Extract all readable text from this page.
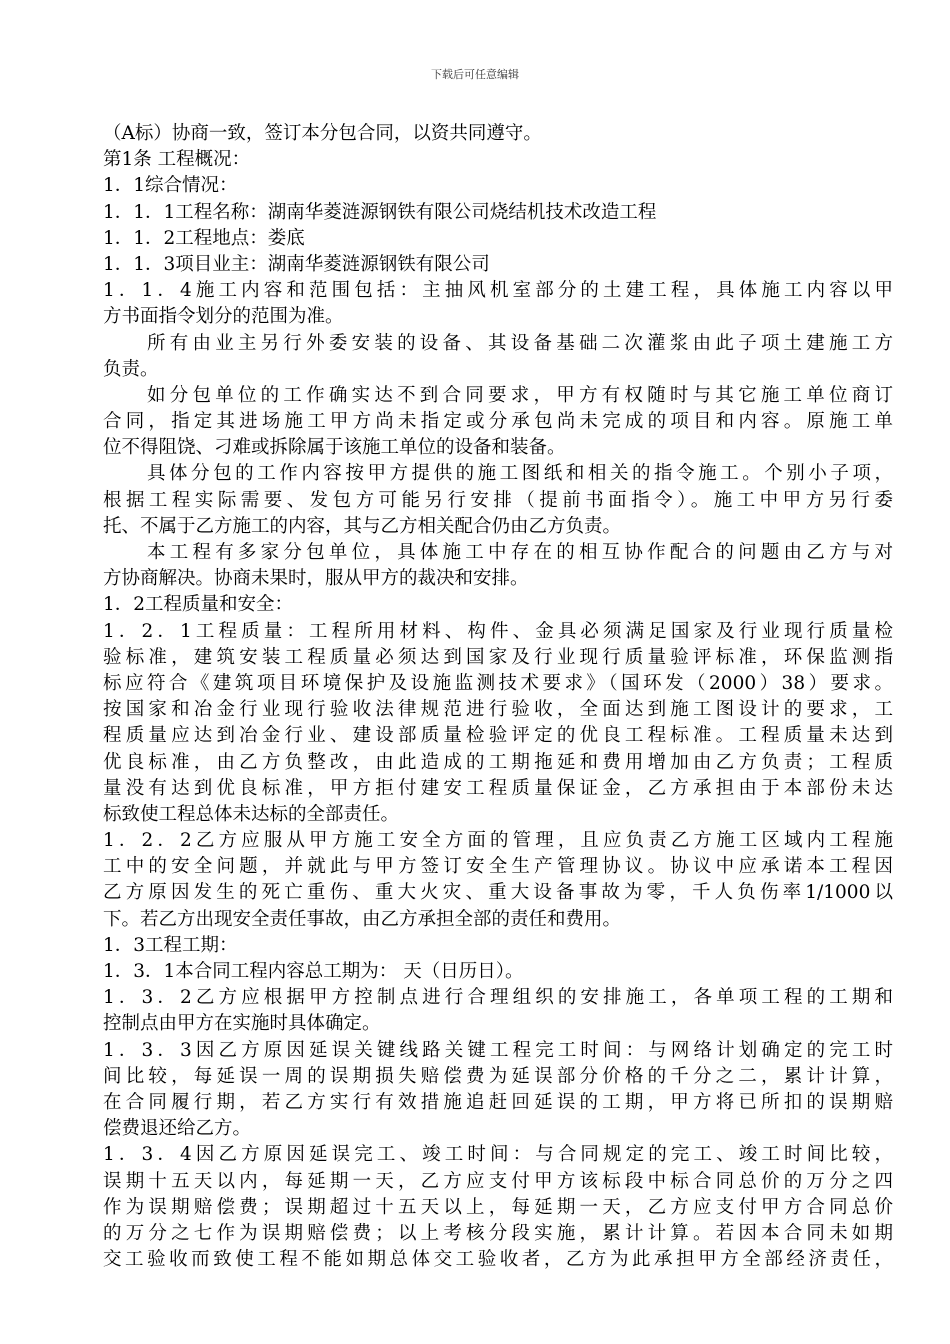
下载后可任意编辑
（A标）协商一致，签订本分包合同，以资共同遵守。
第1条 工程概况：
1．1综合情况：
1．1．1工程名称：湖南华菱涟源钢铁有限公司烧结机技术改造工程
1．1．2工程地点：娄底
1．1．3项目业主：湖南华菱涟源钢铁有限公司
1．1．4施工内容和范围包括：主抽风机室部分的土建工程，具体施工内容以甲
方书面指令划分的范围为准。
所有由业主另行外委安装的设备、其设备基础二次灌浆由此子项土建施工方
负责。
如分包单位的工作确实达不到合同要求，甲方有权随时与其它施工单位商订
合同，指定其进场施工甲方尚未指定或分承包尚未完成的项目和内容。原施工单
位不得阻饶、刁难或拆除属于该施工单位的设备和装备。
具体分包的工作内容按甲方提供的施工图纸和相关的指令施工。个别小子项，
根据工程实际需要、发包方可能另行安排（提前书面指令）。施工中甲方另行委
托、不属于乙方施工的内容，其与乙方相关配合仍由乙方负责。
本工程有多家分包单位，具体施工中存在的相互协作配合的问题由乙方与对
方协商解决。协商未果时，服从甲方的裁决和安排。
1．2工程质量和安全：
1．2．1工程质量：工程所用材料、构件、金具必须满足国家及行业现行质量检
验标准，建筑安装工程质量必须达到国家及行业现行质量验评标准，环保监测指
标应符合《建筑项目环境保护及设施监测技术要求》（国环发（2000）38）要求。
按国家和冶金行业现行验收法律规范进行验收，全面达到施工图设计的要求，工
程质量应达到冶金行业、建设部质量检验评定的优良工程标准。工程质量未达到
优良标准，由乙方负整改，由此造成的工期拖延和费用增加由乙方负责；工程质
量没有达到优良标准，甲方拒付建安工程质量保证金，乙方承担由于本部份未达
标致使工程总体未达标的全部责任。
1．2．2乙方应服从甲方施工安全方面的管理，且应负责乙方施工区域内工程施
工中的安全问题，并就此与甲方签订安全生产管理协议。协议中应承诺本工程因
乙方原因发生的死亡重伤、重大火灾、重大设备事故为零，千人负伤率1/1000以
下。若乙方出现安全责任事故，由乙方承担全部的责任和费用。
1．3工程工期：
1．3．1本合同工程内容总工期为： 天（日历日）。
1．3．2乙方应根据甲方控制点进行合理组织的安排施工，各单项工程的工期和
控制点由甲方在实施时具体确定。
1．3．3因乙方原因延误关键线路关键工程完工时间：与网络计划确定的完工时
间比较，每延误一周的误期损失赔偿费为延误部分价格的千分之二，累计计算，
在合同履行期，若乙方实行有效措施追赶回延误的工期，甲方将已所扣的误期赔
偿费退还给乙方。
1．3．4因乙方原因延误完工、竣工时间：与合同规定的完工、竣工时间比较，
误期十五天以内，每延期一天，乙方应支付甲方该标段中标合同总价的万分之四
作为误期赔偿费；误期超过十五天以上，每延期一天，乙方应支付甲方合同总价
的万分之七作为误期赔偿费；以上考核分段实施，累计计算。若因本合同未如期
交工验收而致使工程不能如期总体交工验收者，乙方为此承担甲方全部经济责任，
